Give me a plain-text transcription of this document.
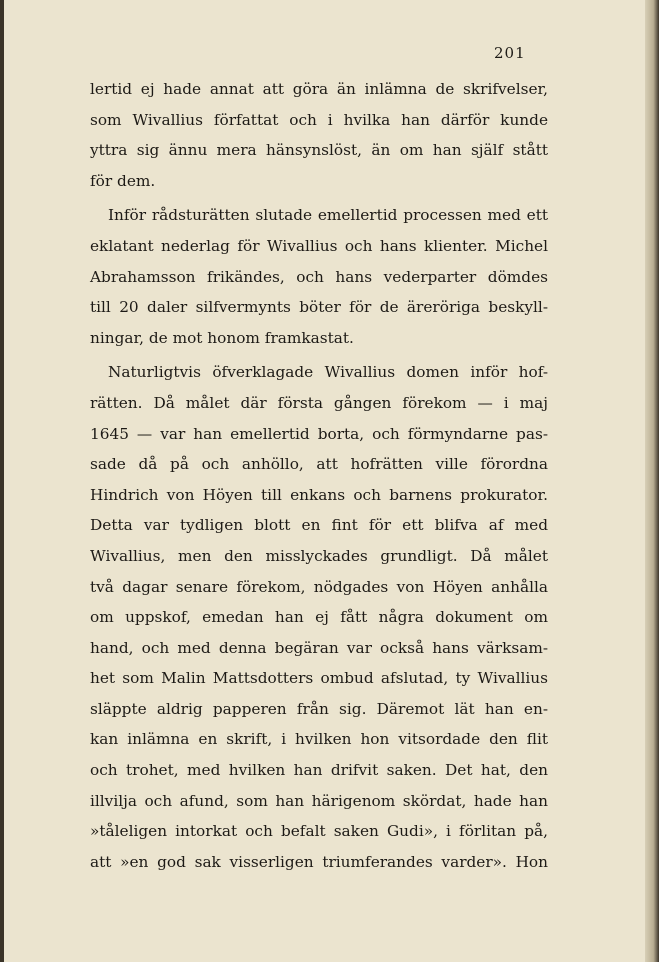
201
lertid ej hade annat att göra än inlämna de skrifvelser,
som Wivallius författat och i hvilka han därför kunde
yttra sig ännu mera hänsynslöst, än om han själf stått
för dem.
Inför rådsturätten slutade emellertid processen med ett
eklatant nederlag för Wivallius och hans klienter. Michel
Abrahamsson frikändes, och hans vederparter dömdes
till 20 daler silfvermynts böter för de äreröriga beskyll-
ningar, de mot honom framkastat.
Naturligtvis öfverklagade Wivallius domen inför hof-
rätten. Då målet där första gången förekom — i maj
1645 — var han emellertid borta, och förmyndarne pas-
sade då på och anhöllo, att hofrätten ville förordna
Hindrich von Höyen till enkans och barnens prokurator.
Detta var tydligen blott en fint för ett blifva af med
Wivallius, men den misslyckades grundligt. Då målet
två dagar senare förekom, nödgades von Höyen anhålla
om uppskof, emedan han ej fått några dokument om
hand, och med denna begäran var också hans värksam-
het som Malin Mattsdotters ombud afslutad, ty Wivallius
släppte aldrig papperen från sig. Däremot lät han en-
kan inlämna en skrift, i hvilken hon vitsordade den flit
och trohet, med hvilken han drifvit saken. Det hat, den
illvilja och afund, som han härigenom skördat, hade han
»tåleligen intorkat och befalt saken Gudi», i förlitan på,
att »en god sak visserligen triumferandes varder». Hon
